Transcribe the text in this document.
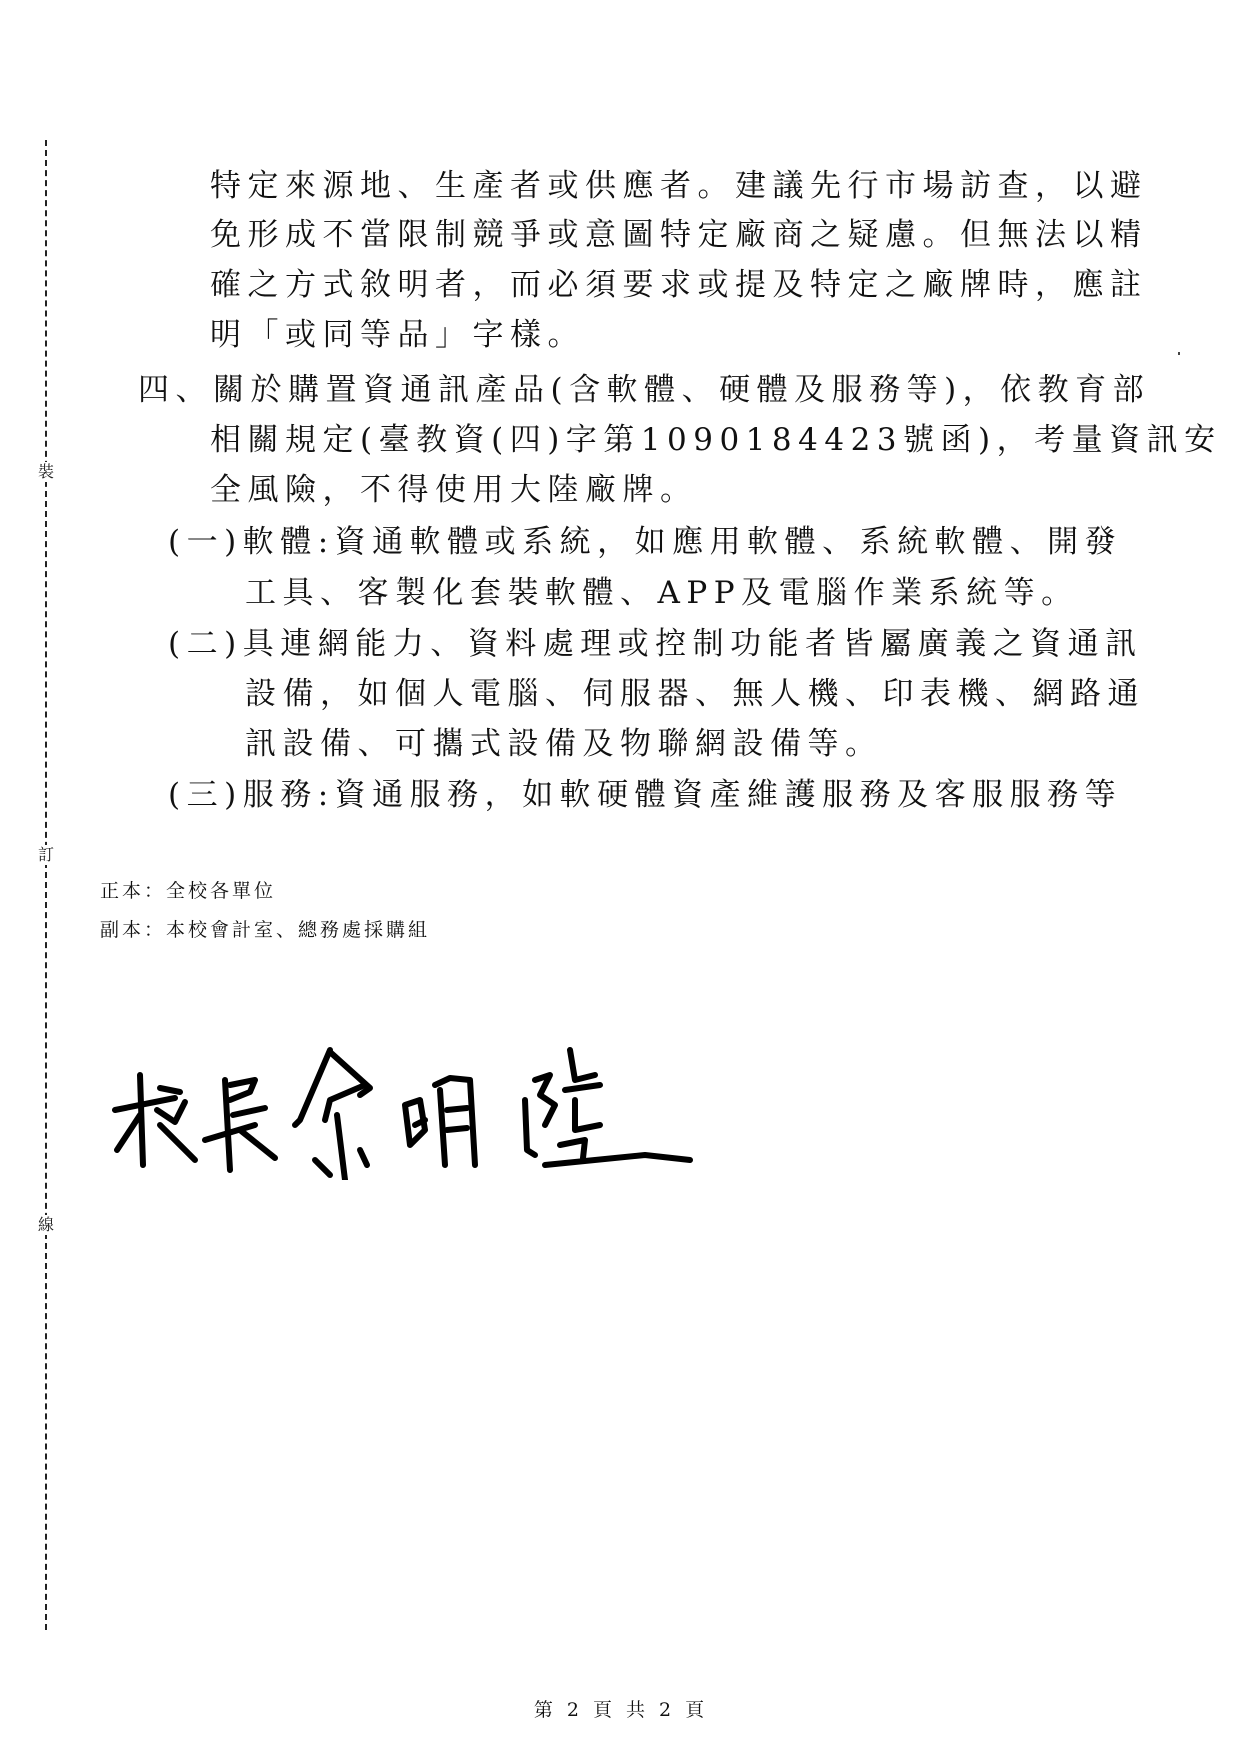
裝
訂
線
特定來源地、生產者或供應者。建議先行市場訪查，以避
免形成不當限制競爭或意圖特定廠商之疑慮。但無法以精
確之方式敘明者，而必須要求或提及特定之廠牌時，應註
明「或同等品」字樣。
四、關於購置資通訊產品(含軟體、硬體及服務等)，依教育部
相關規定(臺教資(四)字第1090184423號函)，考量資訊安
全風險，不得使用大陸廠牌。
(一)軟體:資通軟體或系統，如應用軟體、系統軟體、開發
工具、客製化套裝軟體、APP及電腦作業系統等。
(二)具連網能力、資料處理或控制功能者皆屬廣義之資通訊
設備，如個人電腦、伺服器、無人機、印表機、網路通
訊設備、可攜式設備及物聯網設備等。
(三)服務:資通服務，如軟硬體資產維護服務及客服服務等
正本：全校各單位
副本：本校會計室、總務處採購組
第 2 頁 共 2 頁
